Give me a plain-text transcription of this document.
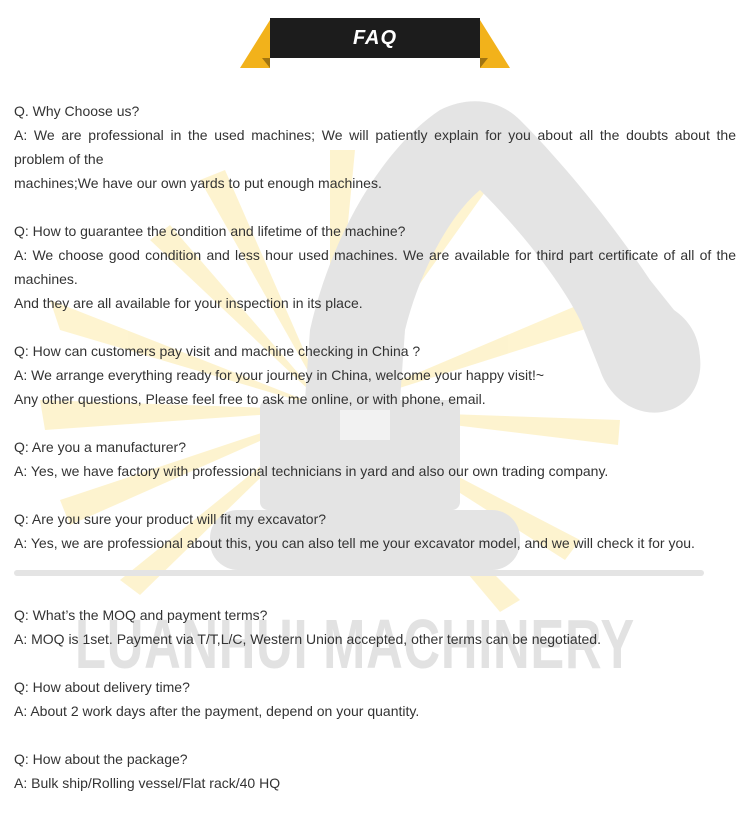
LUANHUI MACHINERY
FAQ

Q. Why Choose us?

A: We are professional in the used machines; We will patiently explain for you about all the doubts about the problem of the

machines;We have our own yards to put enough machines.

Q: How to guarantee the condition and lifetime of the machine?

A: We choose good condition and less hour used machines. We are available for third part certificate of all of the machines.

And they are all available for your inspection in its place.

Q: How can customers pay visit and machine checking in China ?

A: We arrange everything ready for your journey in China, welcome your happy visit!~

Any other questions, Please feel free to ask me online, or with phone, email.

Q: Are you a manufacturer?

A: Yes, we have factory with professional technicians in yard and also our own trading company.

Q: Are you sure your product will fit my excavator?

A: Yes, we are professional about this, you can also tell me your excavator model, and we will check it for you.

Q: What’s the MOQ and payment terms?

A: MOQ is 1set. Payment via T/T,L/C, Western Union accepted, other terms can be negotiated.

Q: How about delivery time?

A: About 2 work days after the payment, depend on your quantity.

Q: How about the package?

A: Bulk ship/Rolling vessel/Flat rack/40 HQ
